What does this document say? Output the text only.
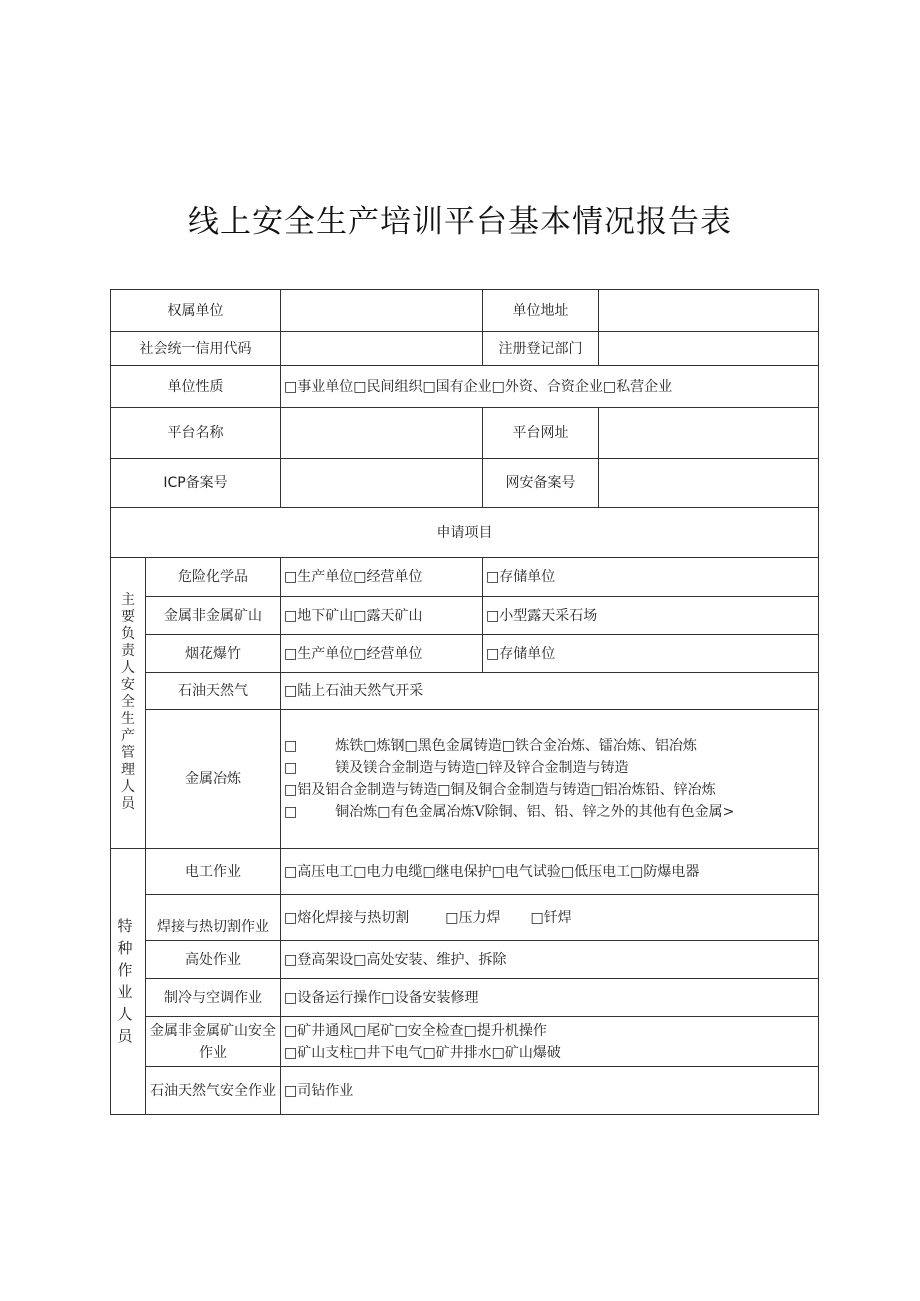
线上安全生产培训平台基本情况报告表
权属单位			单位地址	
社会统一信用代码			注册登记部门	
单位性质		□事业单位□民间组织□国有企业□外资、合资企业□私营企业		
平台名称			平台网址	
ICP备案号			网安备案号	
申请项目				
主要负责人安全生产管理人员	危险化学品	□生产单位□经营单位	□存储单位	
	金属非金属矿山	□地下矿山□露天矿山	□小型露天采石场	
	烟花爆竹	□生产单位□经营单位	□存储单位	
	石油天然气	□陆上石油天然气开采		
	金属冶炼	□ 炼铁□炼钢□黑色金属铸造□铁合金冶炼、镭冶炼、铝冶炼
□ 镁及镁合金制造与铸造□锌及锌合金制造与铸造
□铝及铝合金制造与铸造□铜及铜合金制造与铸造□铝冶炼铅、锌冶炼
□ 铜冶炼□有色金属冶炼V除铜、铝、铅、锌之外的其他有色金属>		

特种作业人员	电工作业	□高压电工□电力电缆□继电保护□电气试验□低压电工□防爆电器		
	焊接与热切割作业	□熔化焊接与热切割 □压力焊 □钎焊		
	高处作业	□登高架设□高处安装、维护、拆除		
	制冷与空调作业	□设备运行操作□设备安装修理		
	金属非金属矿山安全作业	□矿井通风□尾矿□安全检查□提升机操作
□矿山支柱□井下电气□矿井排水□矿山爆破		

	石油天然气安全作业	□司钻作业		
